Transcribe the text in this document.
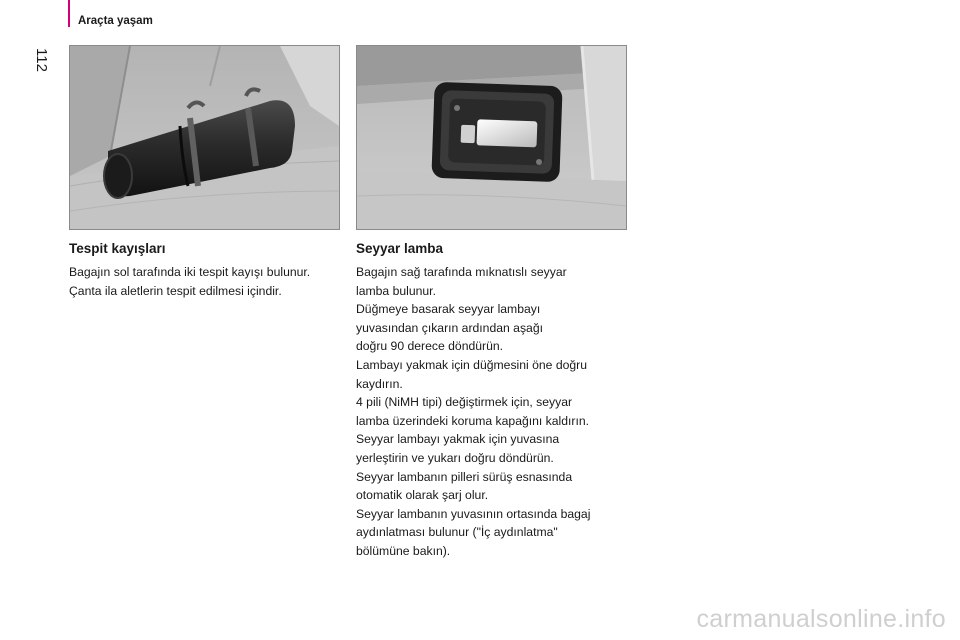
Araçta yaşam
112
Tespit kayışları
Bagajın sol tarafında iki tespit kayışı bulunur.
Çanta ila aletlerin tespit edilmesi içindir.
Seyyar lamba
Bagajın sağ tarafında mıknatıslı seyyar
lamba bulunur.
Düğmeye basarak seyyar lambayı
yuvasından çıkarın ardından aşağı
doğru 90 derece döndürün.
Lambayı yakmak için düğmesini öne doğru
kaydırın.
4 pili (NiMH tipi) değiştirmek için, seyyar
lamba üzerindeki koruma kapağını kaldırın.
Seyyar lambayı yakmak için yuvasına
yerleştirin ve yukarı doğru döndürün.
Seyyar lambanın pilleri sürüş esnasında
otomatik olarak şarj olur.
Seyyar lambanın yuvasının ortasında bagaj
aydınlatması bulunur ("İç aydınlatma"
bölümüne bakın).
carmanualsonline.info
